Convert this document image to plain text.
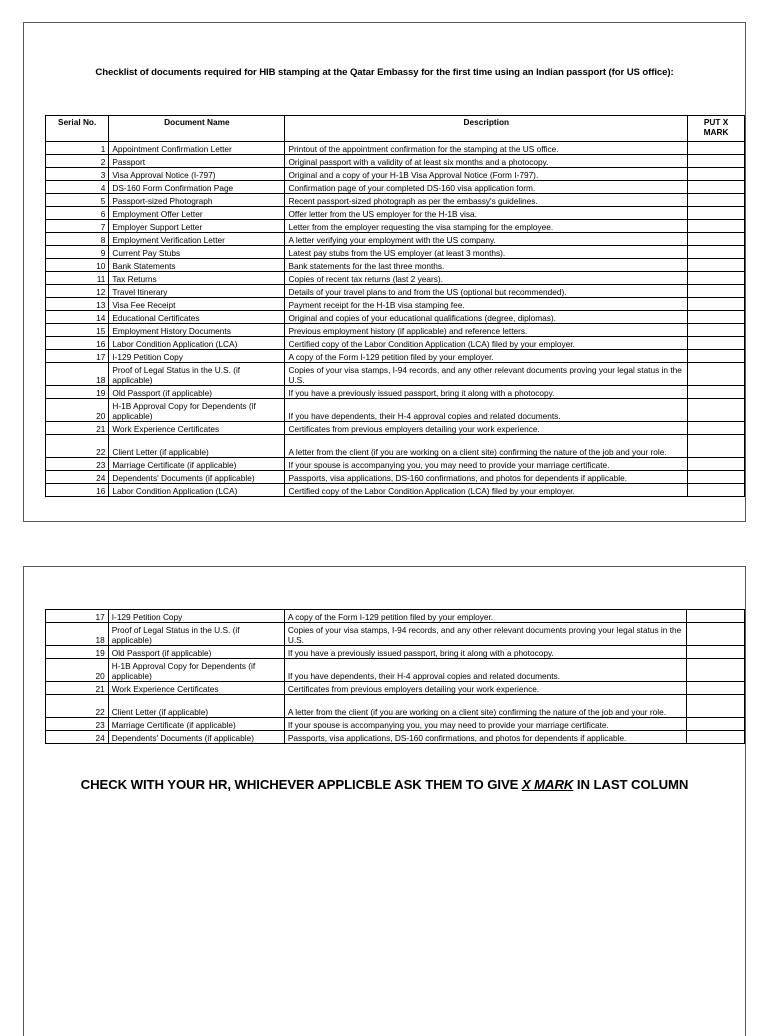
Checklist of documents required for HIB stamping at the Qatar Embassy for the first time using an Indian passport (for US office):
Serial No.	Document Name	Description	PUT X MARK
1	Appointment Confirmation Letter	Printout of the appointment confirmation for the stamping at the US office.	
2	Passport	Original passport with a validity of at least six months and a photocopy.	
3	Visa Approval Notice (I-797)	Original and a copy of your H-1B Visa Approval Notice (Form I-797).	
4	DS-160 Form Confirmation Page	Confirmation page of your completed DS-160 visa application form.	
5	Passport-sized Photograph	Recent passport-sized photograph as per the embassy's guidelines.	
6	Employment Offer Letter	Offer letter from the US employer for the H-1B visa.	
7	Employer Support Letter	Letter from the employer requesting the visa stamping for the employee.	
8	Employment Verification Letter	A letter verifying your employment with the US company.	
9	Current Pay Stubs	Latest pay stubs from the US employer (at least 3 months).	
10	Bank Statements	Bank statements for the last three months.	
11	Tax Returns	Copies of recent tax returns (last 2 years).	
12	Travel Itinerary	Details of your travel plans to and from the US (optional but recommended).	
13	Visa Fee Receipt	Payment receipt for the H-1B visa stamping fee.	
14	Educational Certificates	Original and copies of your educational qualifications (degree, diplomas).	
15	Employment History Documents	Previous employment history (if applicable) and reference letters.	
16	Labor Condition Application (LCA)	Certified copy of the Labor Condition Application (LCA) filed by your employer.	
17	I-129 Petition Copy	A copy of the Form I-129 petition filed by your employer.	
18	Proof of Legal Status in the U.S. (if applicable)	Copies of your visa stamps, I-94 records, and any other relevant documents proving your legal status in the U.S.	
19	Old Passport (if applicable)	If you have a previously issued passport, bring it along with a photocopy.	
20	H-1B Approval Copy for Dependents (if applicable)	If you have dependents, their H-4 approval copies and related documents.	
21	Work Experience Certificates	Certificates from previous employers detailing your work experience.	
22	Client Letter (if applicable)	A letter from the client (if you are working on a client site) confirming the nature of the job and your role.	
23	Marriage Certificate (if applicable)	If your spouse is accompanying you, you may need to provide your marriage certificate.	
24	Dependents' Documents (if applicable)	Passports, visa applications, DS-160 confirmations, and photos for dependents if applicable.	
16	Labor Condition Application (LCA)	Certified copy of the Labor Condition Application (LCA) filed by your employer.	
17	I-129 Petition Copy	A copy of the Form I-129 petition filed by your employer.	
18	Proof of Legal Status in the U.S. (if applicable)	Copies of your visa stamps, I-94 records, and any other relevant documents proving your legal status in the U.S.	
19	Old Passport (if applicable)	If you have a previously issued passport, bring it along with a photocopy.	
20	H-1B Approval Copy for Dependents (if applicable)	If you have dependents, their H-4 approval copies and related documents.	
21	Work Experience Certificates	Certificates from previous employers detailing your work experience.	
22	Client Letter (if applicable)	A letter from the client (if you are working on a client site) confirming the nature of the job and your role.	
23	Marriage Certificate (if applicable)	If your spouse is accompanying you, you may need to provide your marriage certificate.	
24	Dependents' Documents (if applicable)	Passports, visa applications, DS-160 confirmations, and photos for dependents if applicable.	
CHECK WITH YOUR HR, WHICHEVER APPLICBLE ASK THEM TO GIVE X MARK IN LAST COLUMN
